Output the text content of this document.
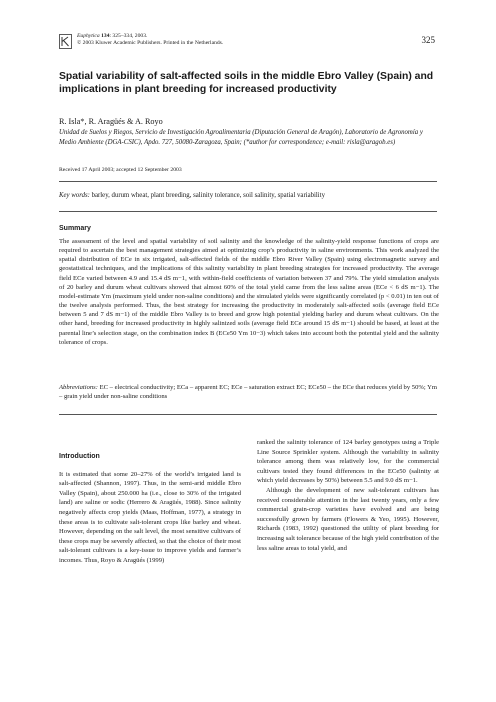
Euphytica 134: 325–334, 2003.
© 2003 Kluwer Academic Publishers. Printed in the Netherlands.	325
Spatial variability of salt-affected soils in the middle Ebro Valley (Spain) and implications in plant breeding for increased productivity
R. Isla*, R. Aragüés & A. Royo
Unidad de Suelos y Riegos, Servicio de Investigación Agroalimentaria (Diputación General de Aragón), Laboratorio de Agronomía y Medio Ambiente (DGA-CSIC), Apdo. 727, 50080-Zaragoza, Spain; (*author for correspondence; e-mail: risla@aragob.es)
Received 17 April 2003; accepted 12 September 2003
Key words: barley, durum wheat, plant breeding, salinity tolerance, soil salinity, spatial variability
Summary
The assessment of the level and spatial variability of soil salinity and the knowledge of the salinity-yield response functions of crops are required to ascertain the best management strategies aimed at optimizing crop’s productivity in saline environments. This work analyzed the spatial distribution of ECe in six irrigated, salt-affected fields of the middle Ebro River Valley (Spain) using electromagnetic survey and geostatistical techniques, and the implications of this salinity variability in plant breeding strategies for increased productivity. The average field ECe varied between 4.9 and 15.4 dS m−1, with within-field coefficients of variation between 37 and 79%. The yield simulation analysis of 20 barley and durum wheat cultivars showed that almost 60% of the total yield came from the less saline areas (ECe < 6 dS m−1). The model-estimate Ym (maximum yield under non-saline conditions) and the simulated yields were significantly correlated (p < 0.01) in ten out of the twelve analysis performed. Thus, the best strategy for increasing the productivity in moderately salt-affected soils (average field ECe between 5 and 7 dS m−1) of the middle Ebro Valley is to breed and grow high potential yielding barley and durum wheat cultivars. On the other hand, breeding for increased productivity in highly salinized soils (average field ECe around 15 dS m−1) should be based, at least at the parental line’s selection stage, on the combination index B (ECe50 Ym 10−3) which takes into account both the potential yield and the salinity tolerance of crops.
Abbreviations: EC – electrical conductivity; ECa – apparent EC; ECe – saturation extract EC; ECe50 – the ECe that reduces yield by 50%; Ym – grain yield under non-saline conditions
Introduction

It is estimated that some 20–27% of the world’s irrigated land is salt-affected (Shannon, 1997). Thus, in the semi-arid middle Ebro Valley (Spain), about 250.000 ha (i.e., close to 30% of the irrigated land) are saline or sodic (Herrero & Aragüés, 1988). Since salinity negatively affects crop yields (Maas, Hoffman, 1977), a strategy in these areas is to cultivate salt-tolerant crops like barley and wheat. However, depending on the salt level, the most sensitive cultivars of these crops may be severely affected, so that the choice of their most salt-tolerant cultivars is a key-issue to improve yields and farmer’s incomes. Thus, Royo & Aragüés (1999)

ranked the salinity tolerance of 124 barley genotypes using a Triple Line Source Sprinkler system. Although the variability in salinity tolerance among them was relatively low, for the commercial cultivars tested they found differences in the ECe50 (salinity at which yield decreases by 50%) between 5.5 and 9.0 dS m−1.

Although the development of new salt-tolerant cultivars has received considerable attention in the last twenty years, only a few commercial grain-crop varieties have evolved and are being successfully grown by farmers (Flowers & Yeo, 1995). However, Richards (1983, 1992) questioned the utility of plant breeding for increasing salt tolerance because of the high yield contribution of the less saline areas to total yield, and
